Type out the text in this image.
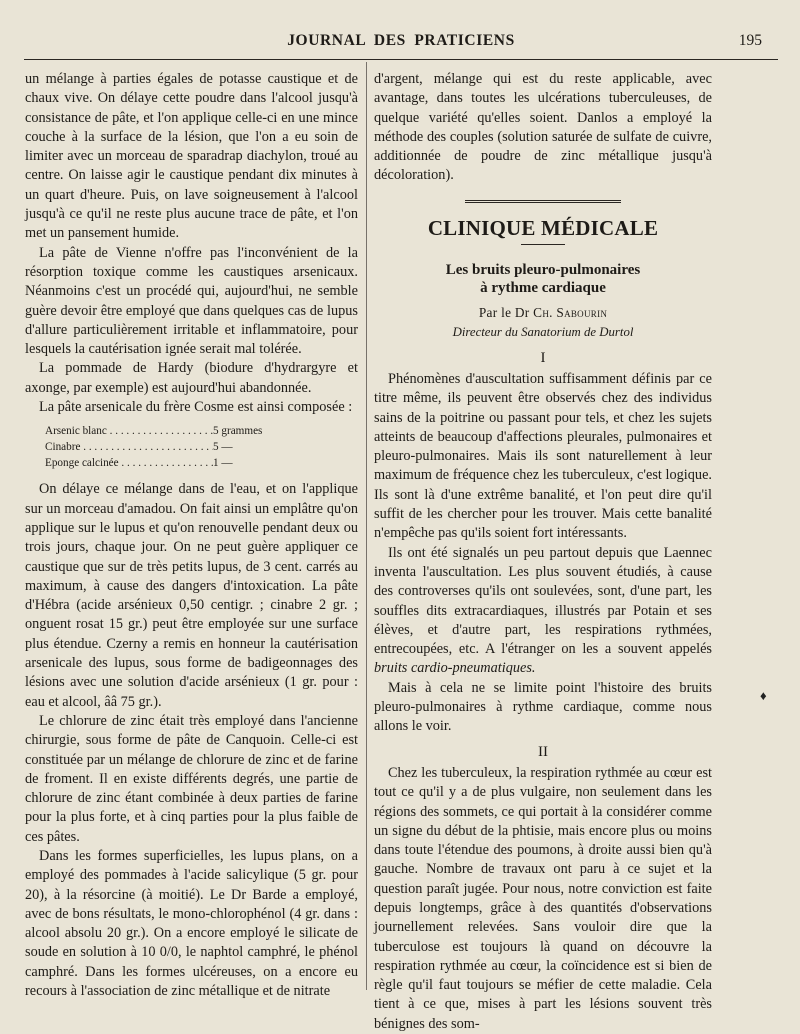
JOURNAL DES PRATICIENS	195

un mélange à parties égales de potasse caustique et de chaux vive. On délaye cette poudre dans l'alcool jusqu'à consistance de pâte, et l'on applique celle-ci en une mince couche à la surface de la lésion, que l'on a eu soin de limiter avec un morceau de sparadrap diachylon, troué au centre. On laisse agir le caustique pendant dix minutes à un quart d'heure. Puis, on lave soigneusement à l'alcool jusqu'à ce qu'il ne reste plus aucune trace de pâte, et l'on met un pansement humide.

La pâte de Vienne n'offre pas l'inconvénient de la résorption toxique comme les caustiques arsenicaux. Néanmoins c'est un procédé qui, aujourd'hui, ne semble guère devoir être employé que dans quelques cas de lupus d'allure particulièrement irritable et inflammatoire, pour lesquels la cautérisation ignée serait mal tolérée.

La pommade de Hardy (biodure d'hydrargyre et axonge, par exemple) est aujourd'hui abandonnée.

La pâte arsenicale du frère Cosme est ainsi composée :

Arsenic blanc . . .	5 grammes
Cinabre . . .	5 —
Eponge calcinée . . .	1 —

On délaye ce mélange dans de l'eau, et on l'applique sur un morceau d'amadou. On fait ainsi un emplâtre qu'on applique sur le lupus et qu'on renouvelle pendant deux ou trois jours, chaque jour. On ne peut guère appliquer ce caustique que sur de très petits lupus, de 3 cent. carrés au maximum, à cause des dangers d'intoxication. La pâte d'Hébra (acide arsénieux 0,50 centigr. ; cinabre 2 gr. ; onguent rosat 15 gr.) peut être employée sur une surface plus étendue. Czerny a remis en honneur la cautérisation arsenicale des lupus, sous forme de badigeonnages des lésions avec une solution d'acide arsénieux (1 gr. pour : eau et alcool, ââ 75 gr.).

Le chlorure de zinc était très employé dans l'ancienne chirurgie, sous forme de pâte de Canquoin. Celle-ci est constituée par un mélange de chlorure de zinc et de farine de froment. Il en existe différents degrés, une partie de chlorure de zinc étant combinée à deux parties de farine pour la plus forte, et à cinq parties pour la plus faible de ces pâtes.

Dans les formes superficielles, les lupus plans, on a employé des pommades à l'acide salicylique (5 gr. pour 20), à la résorcine (à moitié). Le Dr Barde a employé, avec de bons résultats, le mono-chlorophénol (4 gr. dans : alcool absolu 20 gr.). On a encore employé le silicate de soude en solution à 10 0/0, le naphtol camphré, le phénol camphré. Dans les formes ulcéreuses, on a encore eu recours à l'association de zinc métallique et de nitrate

d'argent, mélange qui est du reste applicable, avec avantage, dans toutes les ulcérations tuberculeuses, de quelque variété qu'elles soient. Danlos a employé la méthode des couples (solution saturée de sulfate de cuivre, additionnée de poudre de zinc métallique jusqu'à décoloration).

CLINIQUE MÉDICALE
Les bruits pleuro-pulmonaires
à rythme cardiaque
Par le Dr Ch. Sabourin
Directeur du Sanatorium de Durtol
I

Phénomènes d'auscultation suffisamment définis par ce titre même, ils peuvent être observés chez des individus sains de la poitrine ou passant pour tels, et chez les sujets atteints de beaucoup d'affections pleurales, pulmonaires et pleuro-pulmonaires. Mais ils sont naturellement à leur maximum de fréquence chez les tuberculeux, c'est logique. Ils sont là d'une extrême banalité, et l'on peut dire qu'il suffit de les chercher pour les trouver. Mais cette banalité n'empêche pas qu'ils soient fort intéressants.

Ils ont été signalés un peu partout depuis que Laennec inventa l'auscultation. Les plus souvent étudiés, à cause des controverses qu'ils ont soulevées, sont, d'une part, les souffles dits extracardiaques, illustrés par Potain et ses élèves, et d'autre part, les respirations rythmées, entrecoupées, etc. A l'étranger on les a souvent appelés bruits cardio-pneumatiques.

Mais à cela ne se limite point l'histoire des bruits pleuro-pulmonaires à rythme cardiaque, comme nous allons le voir.

II

Chez les tuberculeux, la respiration rythmée au cœur est tout ce qu'il y a de plus vulgaire, non seulement dans les régions des sommets, ce qui portait à la considérer comme un signe du début de la phtisie, mais encore plus ou moins dans toute l'étendue des poumons, à droite aussi bien qu'à gauche. Nombre de travaux ont paru à ce sujet et la question paraît jugée. Pour nous, notre conviction est faite depuis longtemps, grâce à des quantités d'observations journellement relevées. Sans vouloir dire que la tuberculose est toujours là quand on découvre la respiration rythmée au cœur, la coïncidence est si bien de règle qu'il faut toujours se méfier de cette maladie. Cela tient à ce que, mises à part les lésions souvent très bénignes des som-

♦
